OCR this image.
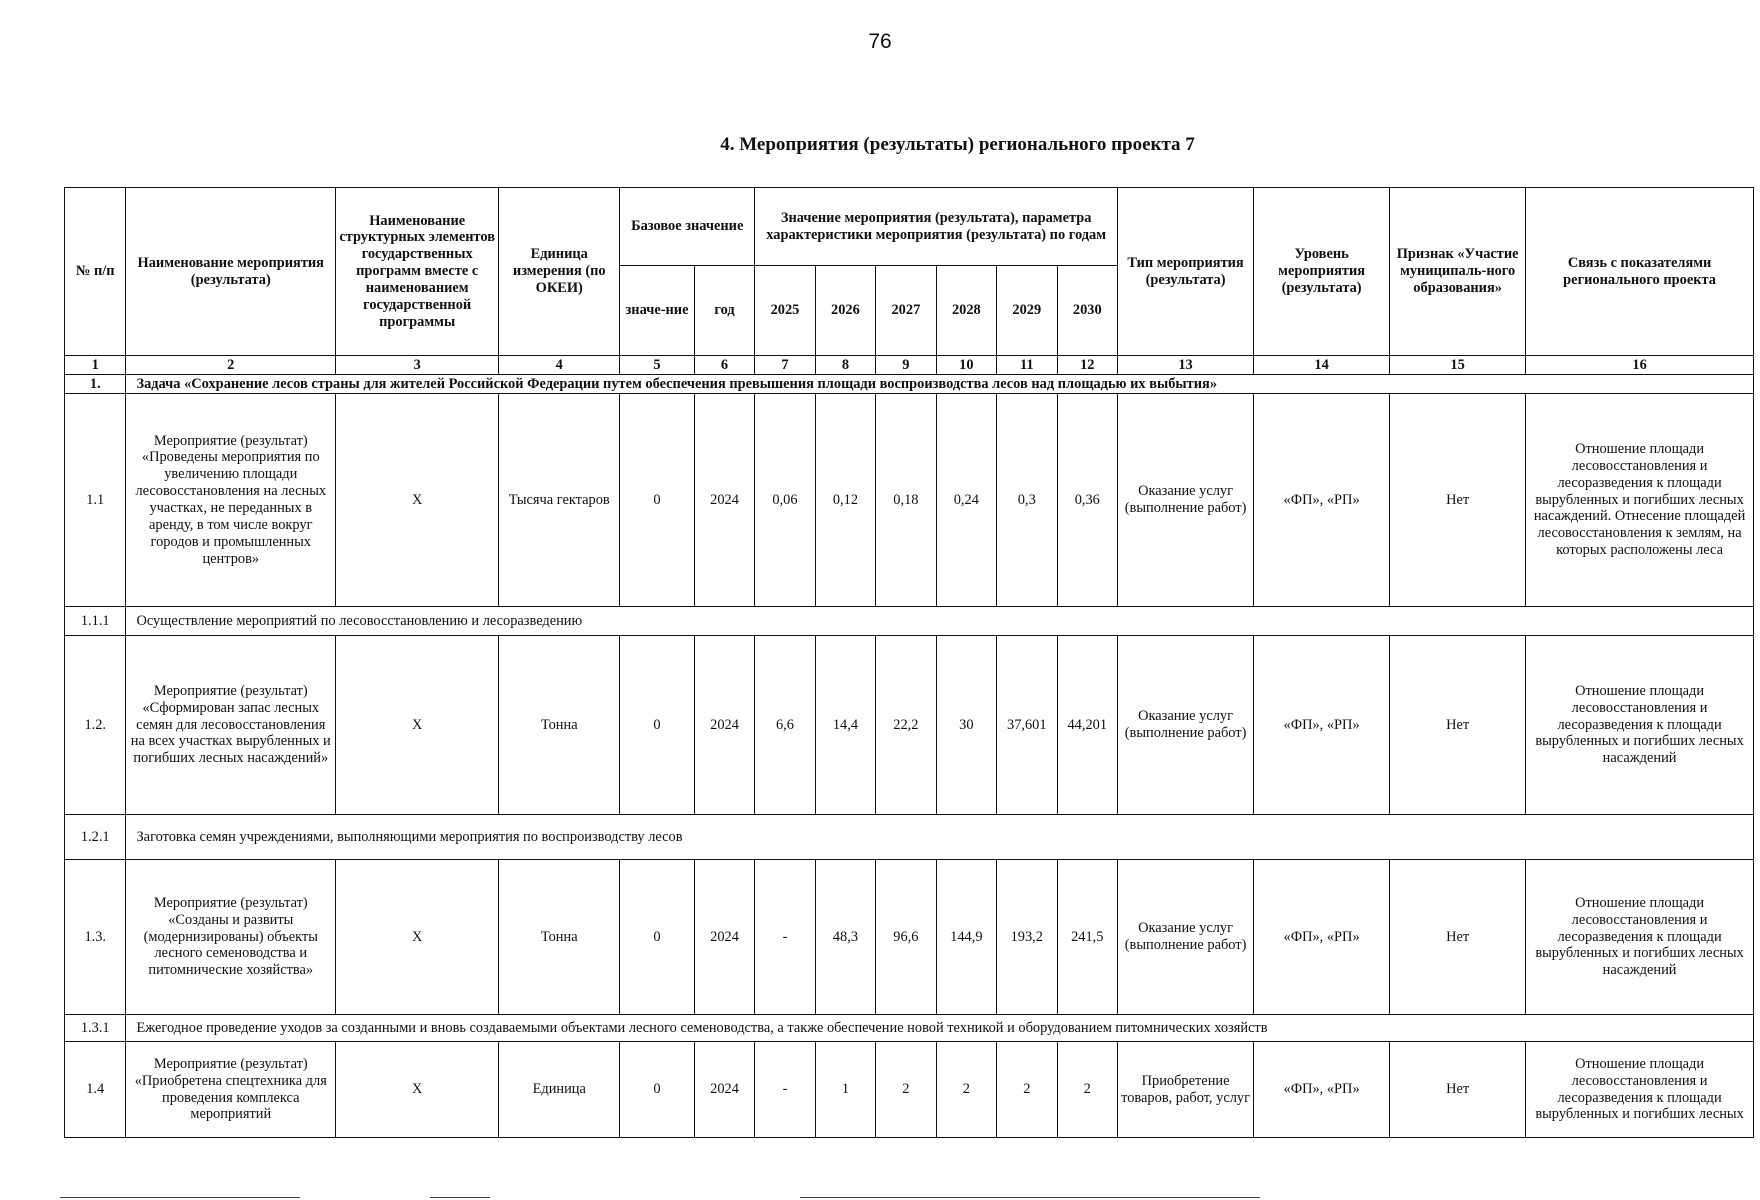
76
4. Мероприятия (результаты) регионального проекта 7
№ п/п	Наименование мероприятия (результата)	Наименование структурных элементов государственных программ вместе с наименованием государственной программы	Единица измерения (по ОКЕИ)	Базовое значение		Значение мероприятия (результата), параметра характеристики мероприятия (результата) по годам						Тип мероприятия (результата)	Уровень мероприятия (результата)	Признак «Участие муниципаль-ного образования»	Связь с показателями регионального проекта
				значе-ние	год	2025	2026	2027	2028	2029	2030				
1	2	3	4	5	6	7	8	9	10	11	12	13	14	15	16
1.	Задача «Сохранение лесов страны для жителей Российской Федерации путем обеспечения превышения площади воспроизводства лесов над площадью их выбытия»														
1.1	Мероприятие (результат) «Проведены мероприятия по увеличению площади лесовосстановления на лесных участках, не переданных в аренду, в том числе вокруг городов и промышленных центров»	Х	Тысяча гектаров	0	2024	0,06	0,12	0,18	0,24	0,3	0,36	Оказание услуг (выполнение работ)	«ФП», «РП»	Нет	Отношение площади лесовосстановления и лесоразведения к площади вырубленных и погибших лесных насаждений. Отнесение площадей лесовосстановления к землям, на которых расположены леса
1.1.1	Осуществление мероприятий по лесовосстановлению и лесоразведению														
1.2.	Мероприятие (результат) «Сформирован запас лесных семян для лесовосстановления на всех участках вырубленных и погибших лесных насаждений»	Х	Тонна	0	2024	6,6	14,4	22,2	30	37,601	44,201	Оказание услуг (выполнение работ)	«ФП», «РП»	Нет	Отношение площади лесовосстановления и лесоразведения к площади вырубленных и погибших лесных насаждений
1.2.1	Заготовка семян учреждениями, выполняющими мероприятия по воспроизводству лесов														
1.3.	Мероприятие (результат) «Созданы и развиты (модернизированы) объекты лесного семеноводства и питомнические хозяйства»	Х	Тонна	0	2024	-	48,3	96,6	144,9	193,2	241,5	Оказание услуг (выполнение работ)	«ФП», «РП»	Нет	Отношение площади лесовосстановления и лесоразведения к площади вырубленных и погибших лесных насаждений
1.3.1	Ежегодное проведение уходов за созданными и вновь создаваемыми объектами лесного семеноводства, а также обеспечение новой техникой и оборудованием питомнических хозяйств														
1.4	Мероприятие (результат) «Приобретена спецтехника для проведения комплекса мероприятий	Х	Единица	0	2024	-	1	2	2	2	2	Приобретение товаров, работ, услуг	«ФП», «РП»	Нет	Отношение площади лесовосстановления и лесоразведения к площади вырубленных и погибших лесных
